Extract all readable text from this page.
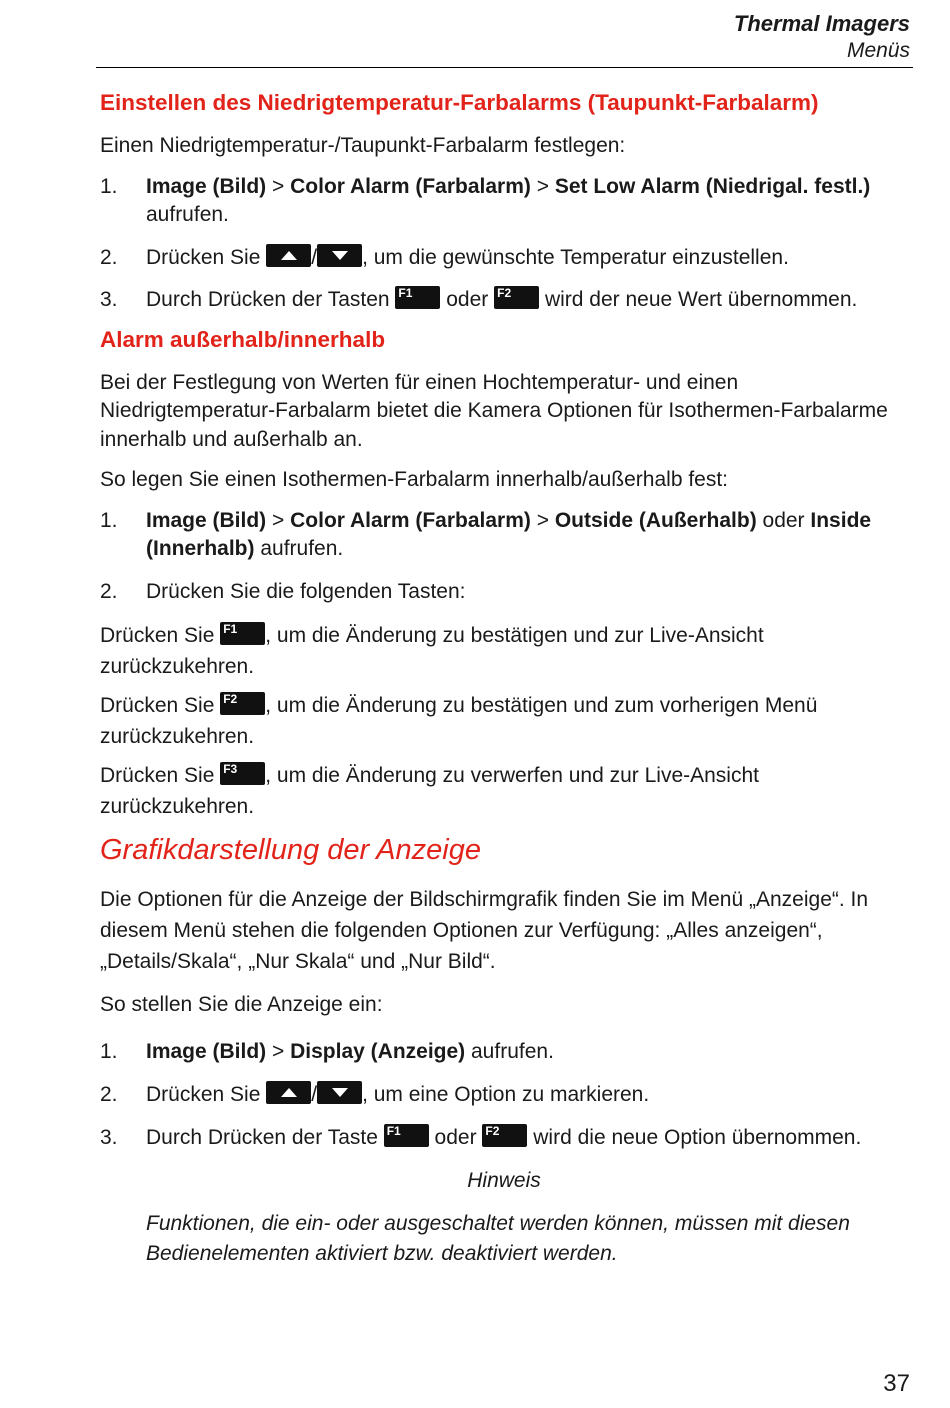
Thermal Imagers
Menüs
Einstellen des Niedrigtemperatur-Farbalarms (Taupunkt-Farbalarm)

Einen Niedrigtemperatur-/Taupunkt-Farbalarm festlegen:

1. Image (Bild) > Color Alarm (Farbalarm) > Set Low Alarm (Niedrigal. festl.) aufrufen.
2. Drücken Sie
/ , um die gewünschte Temperatur einzustellen.
3. Durch Drücken der Tasten F1 oder F2 wird der neue Wert übernommen.
Alarm außerhalb/innerhalb

Bei der Festlegung von Werten für einen Hochtemperatur- und einen Niedrigtemperatur-Farbalarm bietet die Kamera Optionen für Isothermen-Farbalarme innerhalb und außerhalb an.

So legen Sie einen Isothermen-Farbalarm innerhalb/außerhalb fest:

1. Image (Bild) > Color Alarm (Farbalarm) > Outside (Außerhalb) oder Inside (Innerhalb) aufrufen.
2. Drücken Sie die folgenden Tasten:

Drücken Sie F1 , um die Änderung zu bestätigen und zur Live-Ansicht zurückzukehren.

Drücken Sie F2 , um die Änderung zu bestätigen und zum vorherigen Menü zurückzukehren.

Drücken Sie F3 , um die Änderung zu verwerfen und zur Live-Ansicht zurückzukehren.

Grafikdarstellung der Anzeige

Die Optionen für die Anzeige der Bildschirmgrafik finden Sie im Menü „Anzeige“. In diesem Menü stehen die folgenden Optionen zur Verfügung: „Alles anzeigen“, „Details/Skala“, „Nur Skala“ und „Nur Bild“.

So stellen Sie die Anzeige ein:

1. Image (Bild) > Display (Anzeige) aufrufen.
2. Drücken Sie
/ , um eine Option zu markieren.
3. Durch Drücken der Taste F1 oder F2 wird die neue Option übernommen.
Hinweis

Funktionen, die ein- oder ausgeschaltet werden können, müssen mit diesen Bedienelementen aktiviert bzw. deaktiviert werden.

37
